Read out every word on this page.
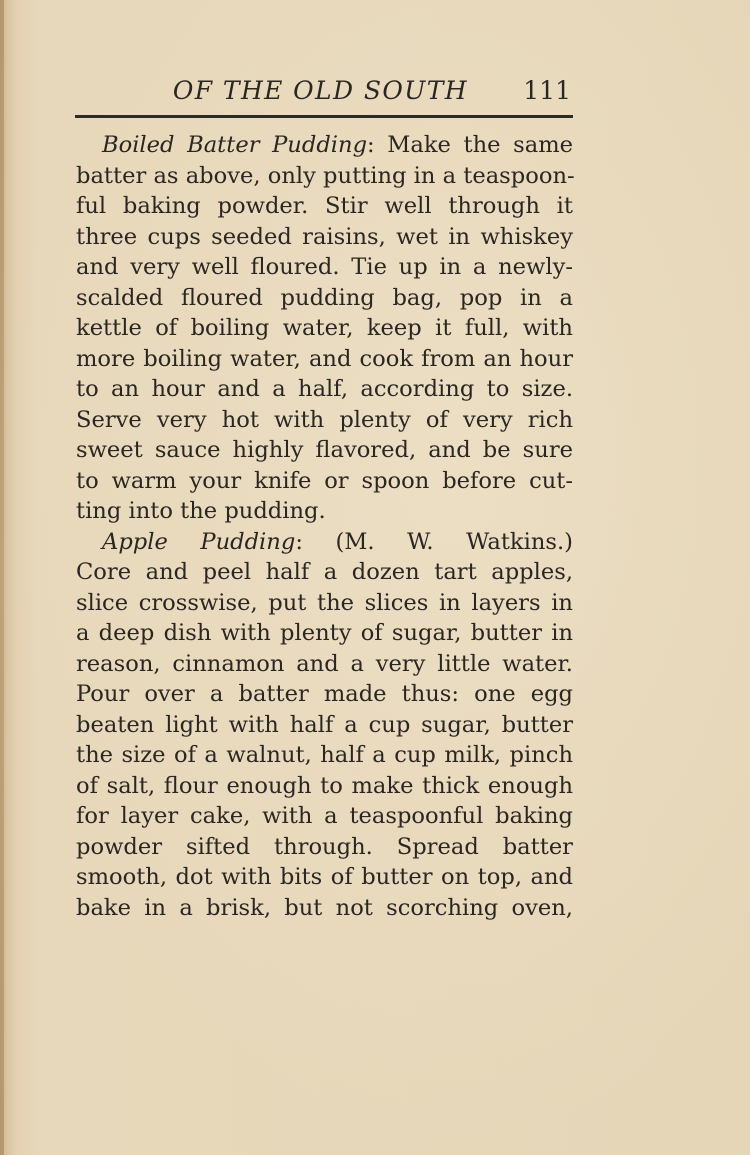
OF THE OLD SOUTH 111
Boiled Batter Pudding: Make the same
batter as above, only putting in a teaspoon-
ful baking powder. Stir well through it
three cups seeded raisins, wet in whiskey
and very well floured. Tie up in a newly-
scalded floured pudding bag, pop in a
kettle of boiling water, keep it full, with
more boiling water, and cook from an hour
to an hour and a half, according to size.
Serve very hot with plenty of very rich
sweet sauce highly flavored, and be sure
to warm your knife or spoon before cut-
ting into the pudding.
Apple Pudding: (M. W. Watkins.)
Core and peel half a dozen tart apples,
slice crosswise, put the slices in layers in
a deep dish with plenty of sugar, butter in
reason, cinnamon and a very little water.
Pour over a batter made thus: one egg
beaten light with half a cup sugar, butter
the size of a walnut, half a cup milk, pinch
of salt, flour enough to make thick enough
for layer cake, with a teaspoonful baking
powder sifted through. Spread batter
smooth, dot with bits of butter on top, and
bake in a brisk, but not scorching oven,
